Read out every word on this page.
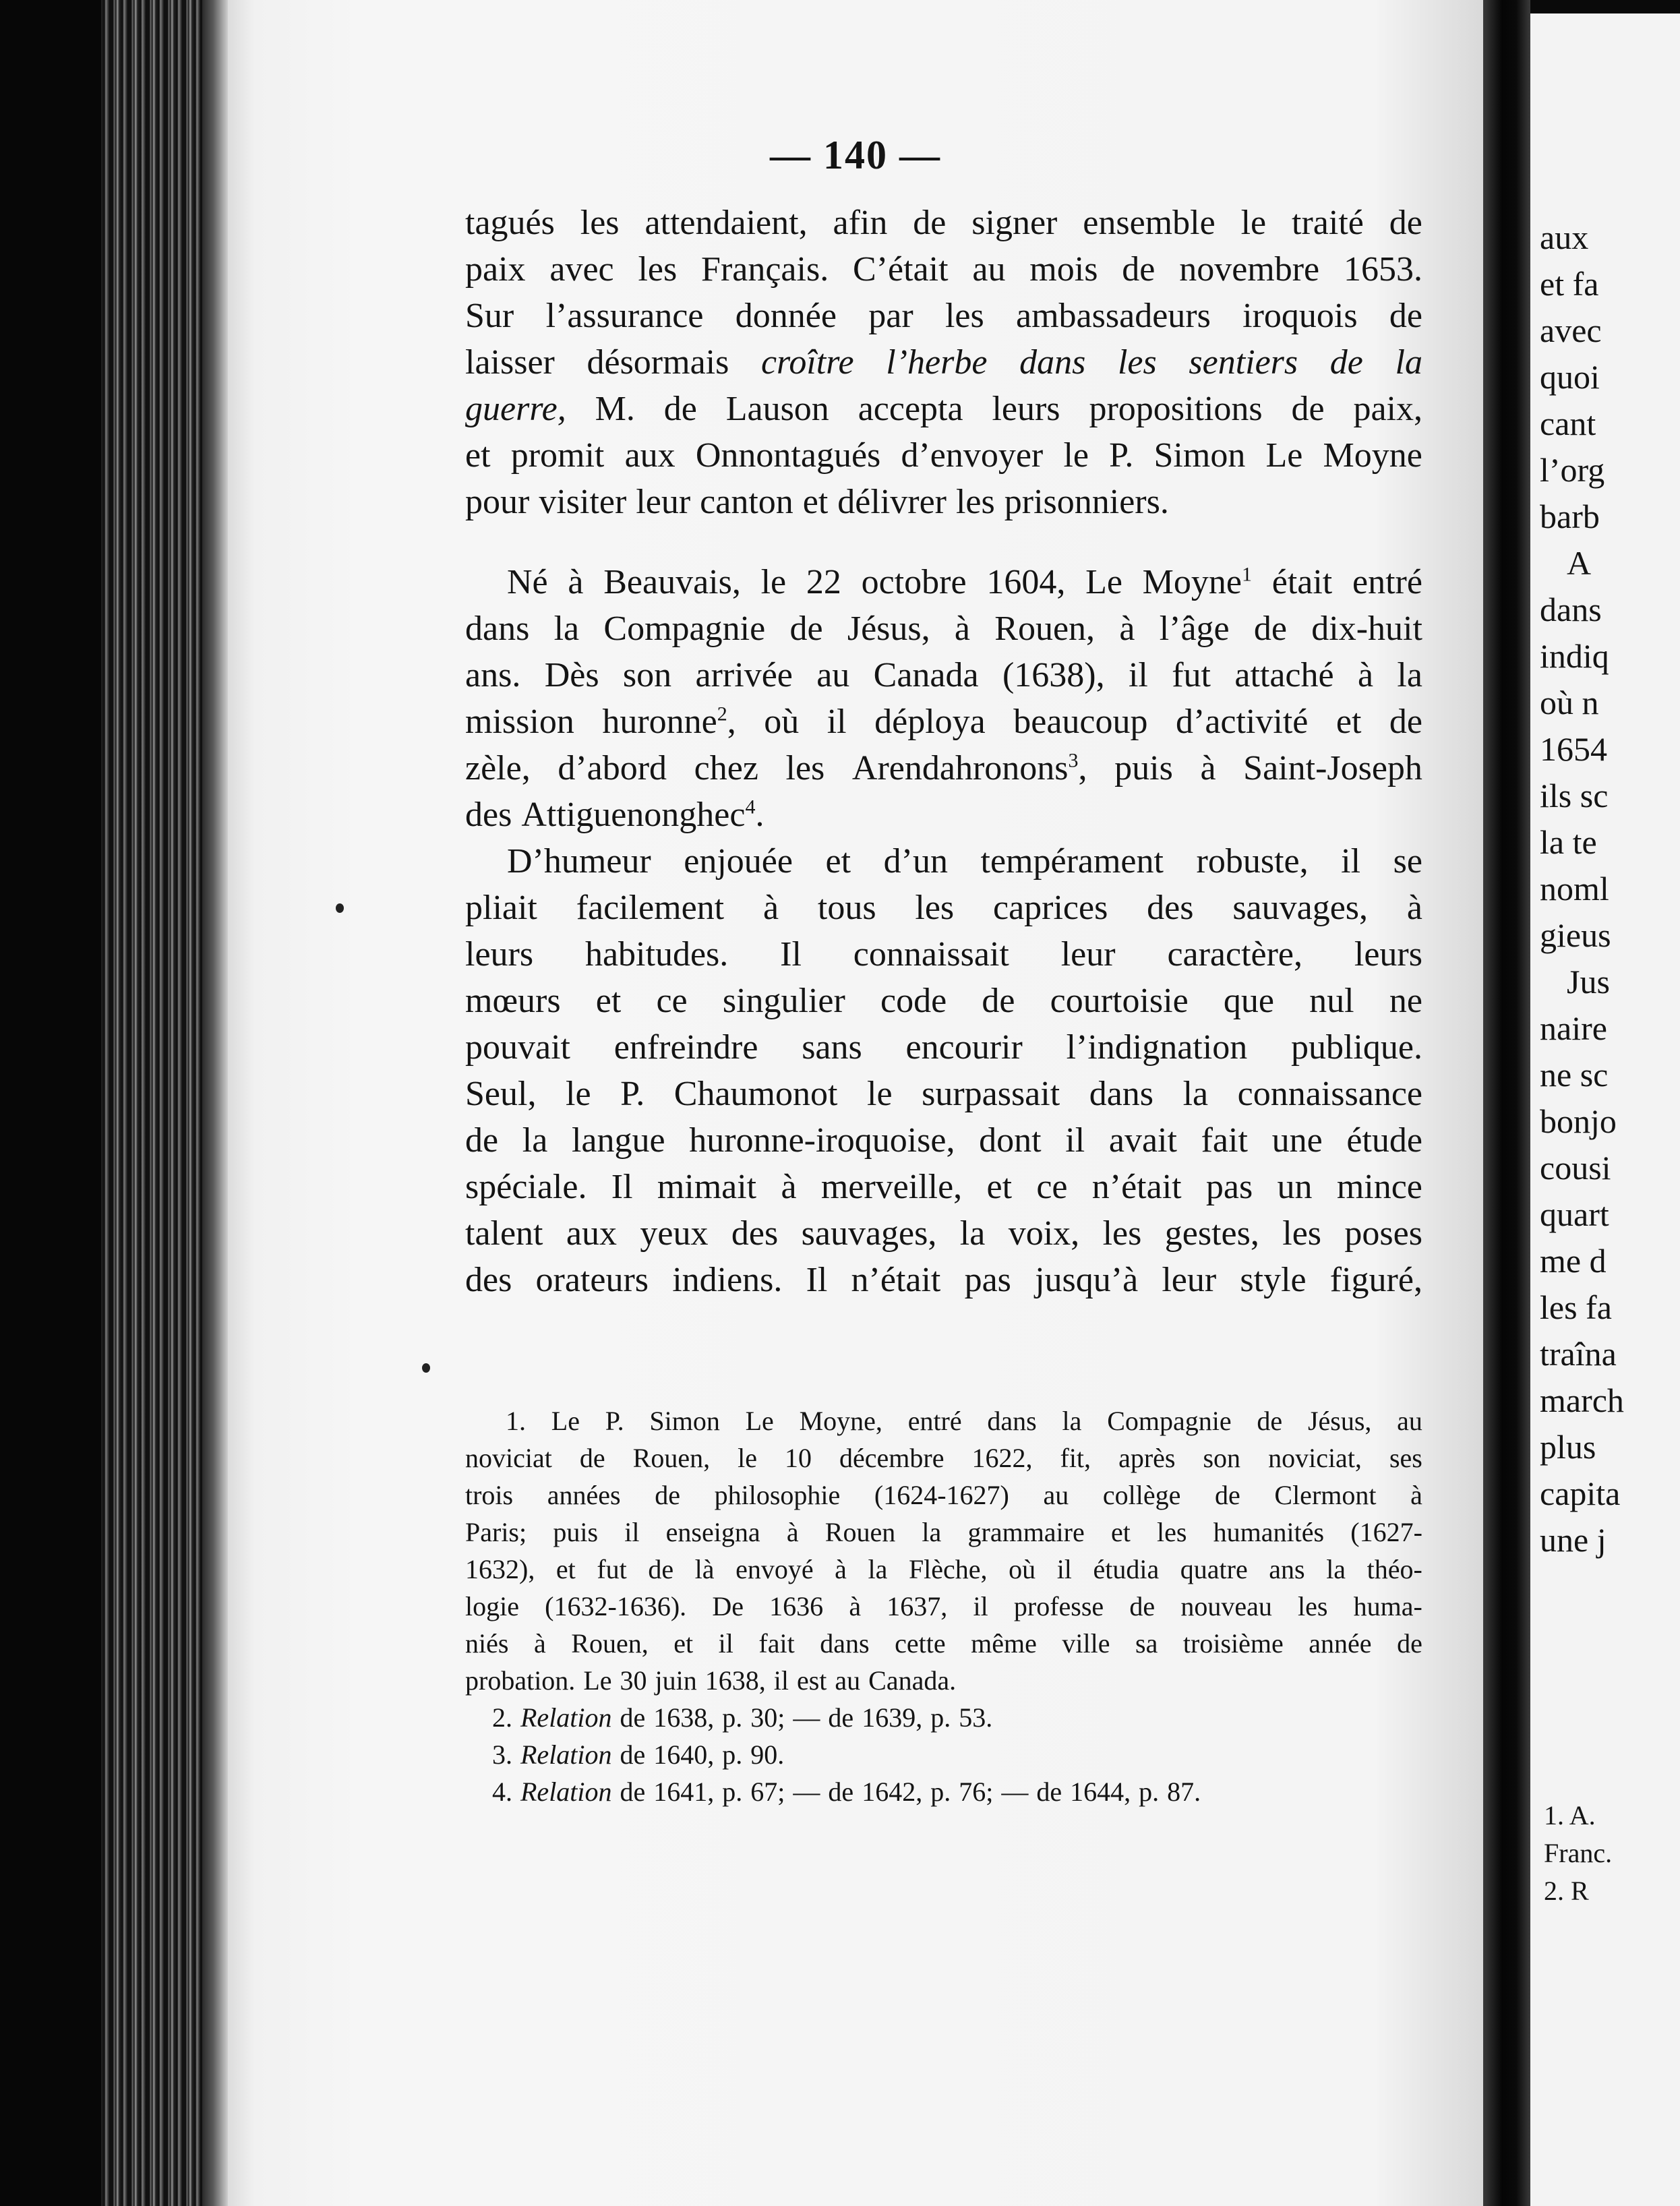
aux
et fa
avec
quoi
cant
l’org
barb
A
dans
indiq
où n
1654
ils sc
la te
noml
gieus
Jus
naire
ne sc
bonjo
cousi
quart
me d
les fa
traîna
march
plus
capita
une j
1. A.
Franc.
2. R
— 140 —
tagués les attendaient, afin de signer ensemble le traité de
paix avec les Français. C’était au mois de novembre 1653.
Sur l’assurance donnée par les ambassadeurs iroquois de
laisser désormais croître l’herbe dans les sentiers de la
guerre, M. de Lauson accepta leurs propositions de paix,
et promit aux Onnontagués d’envoyer le P. Simon Le Moyne
pour visiter leur canton et délivrer les prisonniers.
Né à Beauvais, le 22 octobre 1604, Le Moyne$^1$ était entré
dans la Compagnie de Jésus, à Rouen, à l’âge de dix-huit
ans. Dès son arrivée au Canada (1638), il fut attaché à la
mission huronne$^2$, où il déploya beaucoup d’activité et de
zèle, d’abord chez les Arendahronons$^3$, puis à Saint-Joseph
des Attiguenonghec$^4$.
D’humeur enjouée et d’un tempérament robuste, il se
pliait facilement à tous les caprices des sauvages, à
leurs habitudes. Il connaissait leur caractère, leurs
mœurs et ce singulier code de courtoisie que nul ne
pouvait enfreindre sans encourir l’indignation publique.
Seul, le P. Chaumonot le surpassait dans la connaissance
de la langue huronne-iroquoise, dont il avait fait une étude
spéciale. Il mimait à merveille, et ce n’était pas un mince
talent aux yeux des sauvages, la voix, les gestes, les poses
des orateurs indiens. Il n’était pas jusqu’à leur style figuré,
1. Le P. Simon Le Moyne, entré dans la Compagnie de Jésus, au
noviciat de Rouen, le 10 décembre 1622, fit, après son noviciat, ses
trois années de philosophie (1624-1627) au collège de Clermont à
Paris; puis il enseigna à Rouen la grammaire et les humanités (1627-
1632), et fut de là envoyé à la Flèche, où il étudia quatre ans la théo-
logie (1632-1636). De 1636 à 1637, il professe de nouveau les huma-
niés à Rouen, et il fait dans cette même ville sa troisième année de
probation. Le 30 juin 1638, il est au Canada.
2. Relation de 1638, p. 30; — de 1639, p. 53.
3. Relation de 1640, p. 90.
4. Relation de 1641, p. 67; — de 1642, p. 76; — de 1644, p. 87.
